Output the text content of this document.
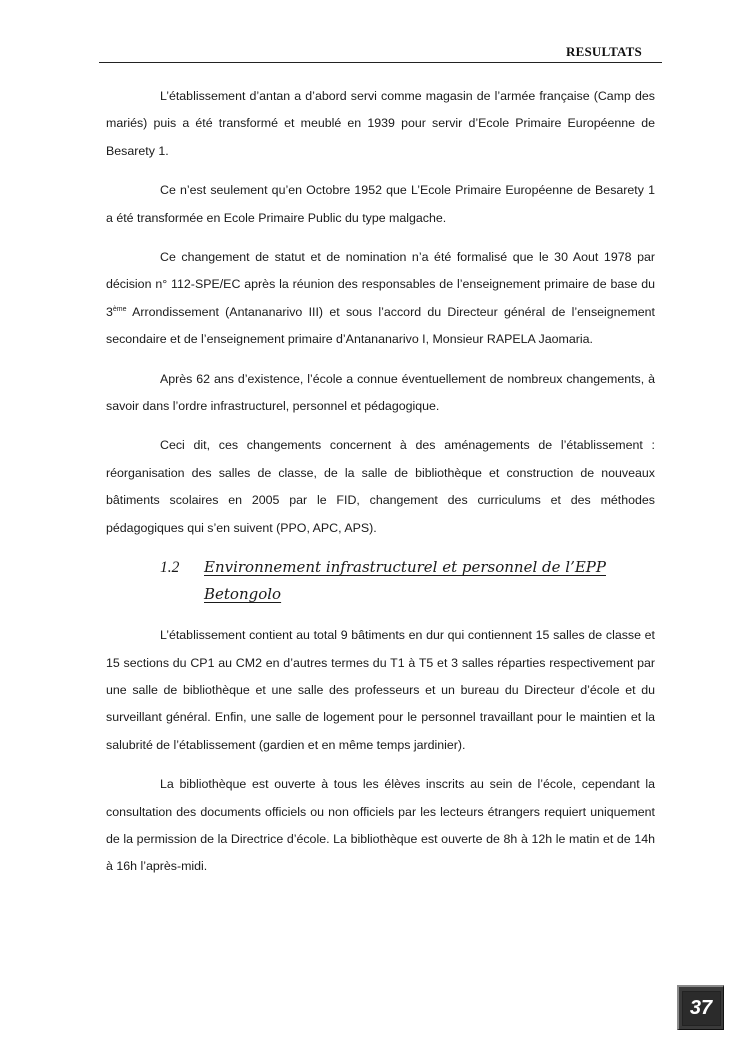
RESULTATS

L’établissement d’antan a d’abord servi comme magasin de l’armée française (Camp des mariés) puis a été transformé et meublé en 1939 pour servir d’Ecole Primaire Européenne de Besarety 1.

Ce n’est seulement qu’en Octobre 1952 que L’Ecole Primaire Européenne de Besarety 1 a été transformée en Ecole Primaire Public du type malgache.

Ce changement de statut et de nomination n’a été formalisé que le 30 Aout 1978 par décision n° 112-SPE/EC après la réunion des responsables de l’enseignement primaire de base du 3ème Arrondissement (Antananarivo III) et sous l’accord du Directeur général de l’enseignement secondaire et de l’enseignement primaire d’Antananarivo I, Monsieur RAPELA Jaomaria.

Après 62 ans d’existence, l’école a connue éventuellement de nombreux changements, à savoir dans l’ordre infrastructurel, personnel et pédagogique.

Ceci dit, ces changements concernent à des aménagements de l’établissement : réorganisation des salles de classe, de la salle de bibliothèque et construction de nouveaux bâtiments scolaires en 2005 par le FID, changement des curriculums et des méthodes pédagogiques qui s’en suivent (PPO, APC, APS).

1.2	Environnement infrastructurel et personnel de l’EPP Betongolo

L’établissement contient au total 9 bâtiments en dur qui contiennent 15 salles de classe et 15 sections du CP1 au CM2 en d’autres termes du T1 à T5 et 3 salles réparties respectivement par une salle de bibliothèque et une salle des professeurs et un bureau du Directeur d’école et du surveillant général. Enfin, une salle de logement pour le personnel travaillant pour le maintien et la salubrité de l’établissement (gardien et en même temps jardinier).

La bibliothèque est ouverte à tous les élèves inscrits au sein de l’école, cependant la consultation des documents officiels ou non officiels par les lecteurs étrangers requiert uniquement de la permission de la Directrice d’école. La bibliothèque est ouverte de 8h à 12h le matin et de 14h à 16h l’après-midi.

37
